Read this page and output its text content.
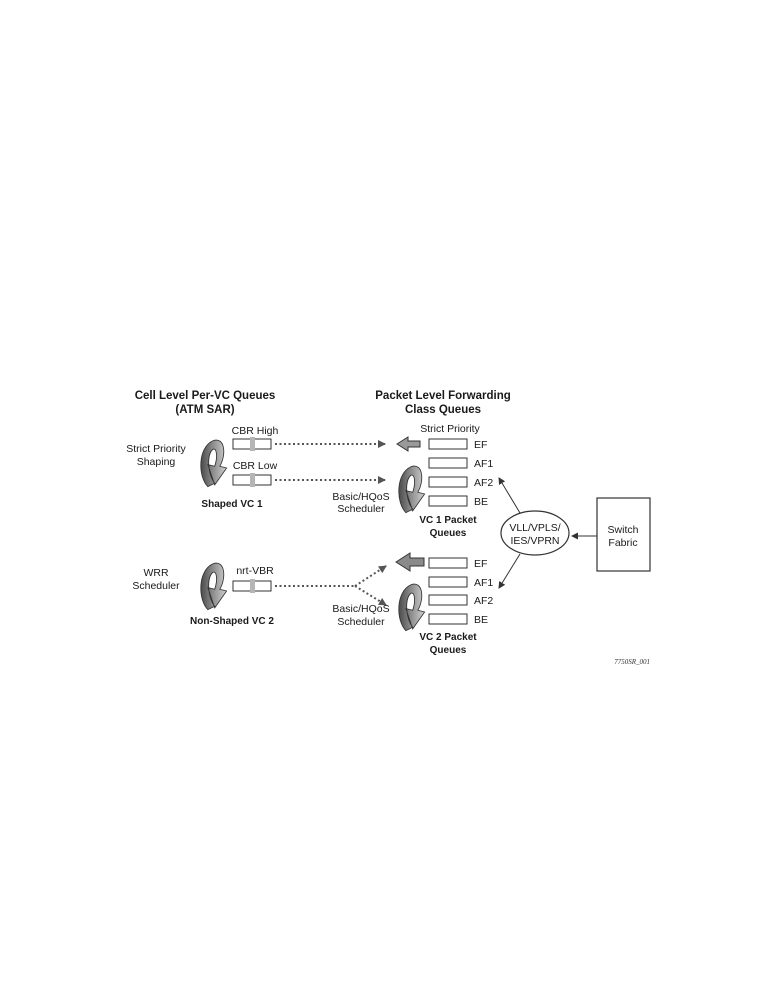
Cell Level Per-VC Queues
(ATM SAR)
Packet Level Forwarding
Class Queues
Strict Priority
Shaping
CBR High
CBR Low
Shaped VC 1
Strict Priority
Basic/HQoS
Scheduler
EF
AF1
AF2
BE
VC 1 Packet
Queues	VLL/VPLS/
IES/VPRN
Switch
Fabric
WRR
Scheduler
nrt-VBR
Non-Shaped VC 2
Basic/HQoS
Scheduler
EF
AF1
AF2
BE
VC 2 Packet
Queues
7750SR_001
